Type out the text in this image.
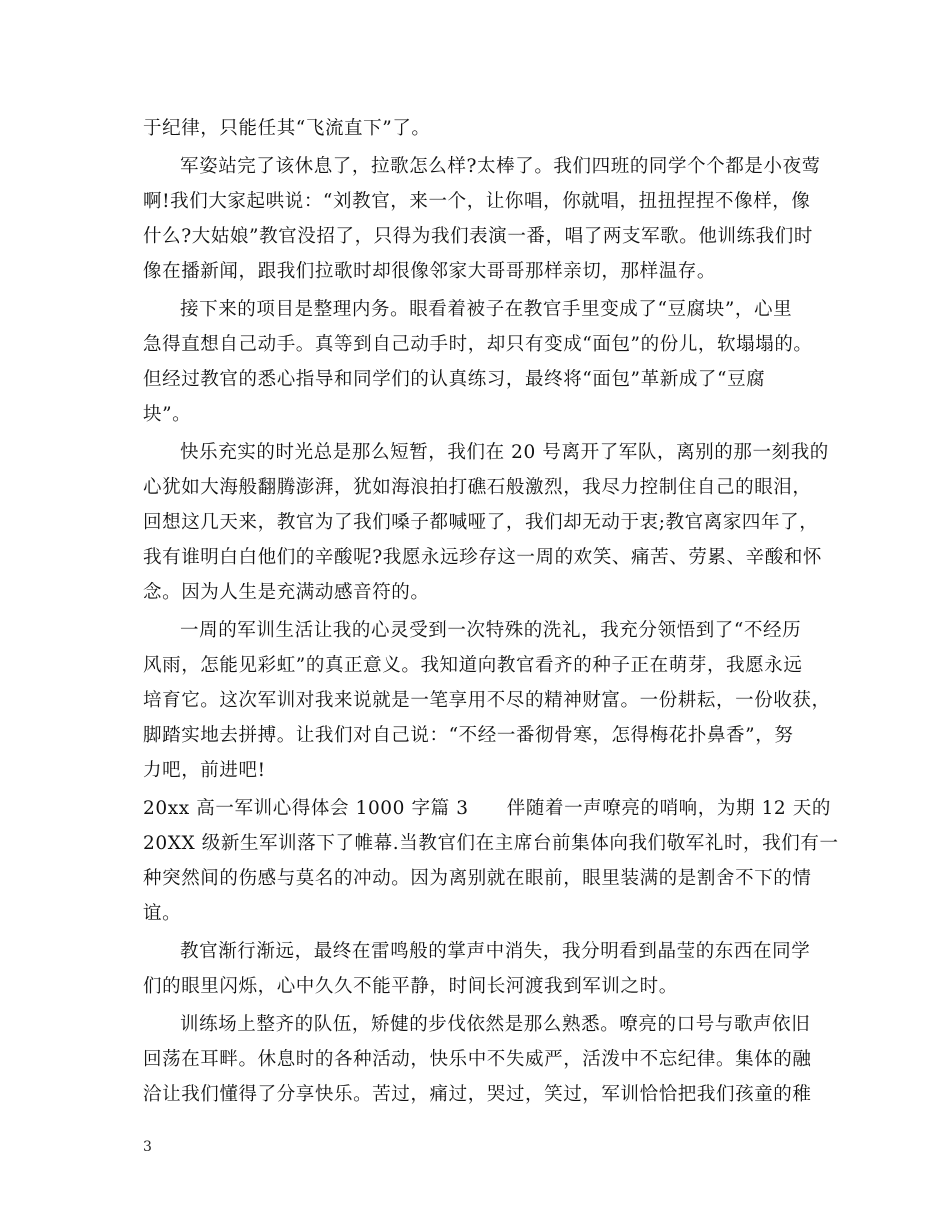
于纪律，只能任其“飞流直下”了。
军姿站完了该休息了，拉歌怎么样?太棒了。我们四班的同学个个都是小夜莺
啊!我们大家起哄说：“刘教官，来一个，让你唱，你就唱，扭扭捏捏不像样，像
什么?大姑娘”教官没招了，只得为我们表演一番，唱了两支军歌。他训练我们时
像在播新闻，跟我们拉歌时却很像邻家大哥哥那样亲切，那样温存。
接下来的项目是整理内务。眼看着被子在教官手里变成了“豆腐块”，心里
急得直想自己动手。真等到自己动手时，却只有变成“面包”的份儿，软塌塌的。
但经过教官的悉心指导和同学们的认真练习，最终将“面包”革新成了“豆腐
块”。
快乐充实的时光总是那么短暂，我们在 20 号离开了军队，离别的那一刻我的
心犹如大海般翻腾澎湃，犹如海浪拍打礁石般激烈，我尽力控制住自己的眼泪，
回想这几天来，教官为了我们嗓子都喊哑了，我们却无动于衷;教官离家四年了，
我有谁明白白他们的辛酸呢?我愿永远珍存这一周的欢笑、痛苦、劳累、辛酸和怀
念。因为人生是充满动感音符的。
一周的军训生活让我的心灵受到一次特殊的洗礼，我充分领悟到了“不经历
风雨，怎能见彩虹”的真正意义。我知道向教官看齐的种子正在萌芽，我愿永远
培育它。这次军训对我来说就是一笔享用不尽的精神财富。一份耕耘，一份收获，
脚踏实地去拼搏。让我们对自己说：“不经一番彻骨寒，怎得梅花扑鼻香”，努
力吧，前进吧!
20xx 高一军训心得体会 1000 字篇 3　　伴随着一声嘹亮的哨响，为期 12 天的
20XX 级新生军训落下了帷幕.当教官们在主席台前集体向我们敬军礼时，我们有一
种突然间的伤感与莫名的冲动。因为离别就在眼前，眼里装满的是割舍不下的情
谊。
教官渐行渐远，最终在雷鸣般的掌声中消失，我分明看到晶莹的东西在同学
们的眼里闪烁，心中久久不能平静，时间长河渡我到军训之时。
训练场上整齐的队伍，矫健的步伐依然是那么熟悉。嘹亮的口号与歌声依旧
回荡在耳畔。休息时的各种活动，快乐中不失威严，活泼中不忘纪律。集体的融
洽让我们懂得了分享快乐。苦过，痛过，哭过，笑过，军训恰恰把我们孩童的稚
3
